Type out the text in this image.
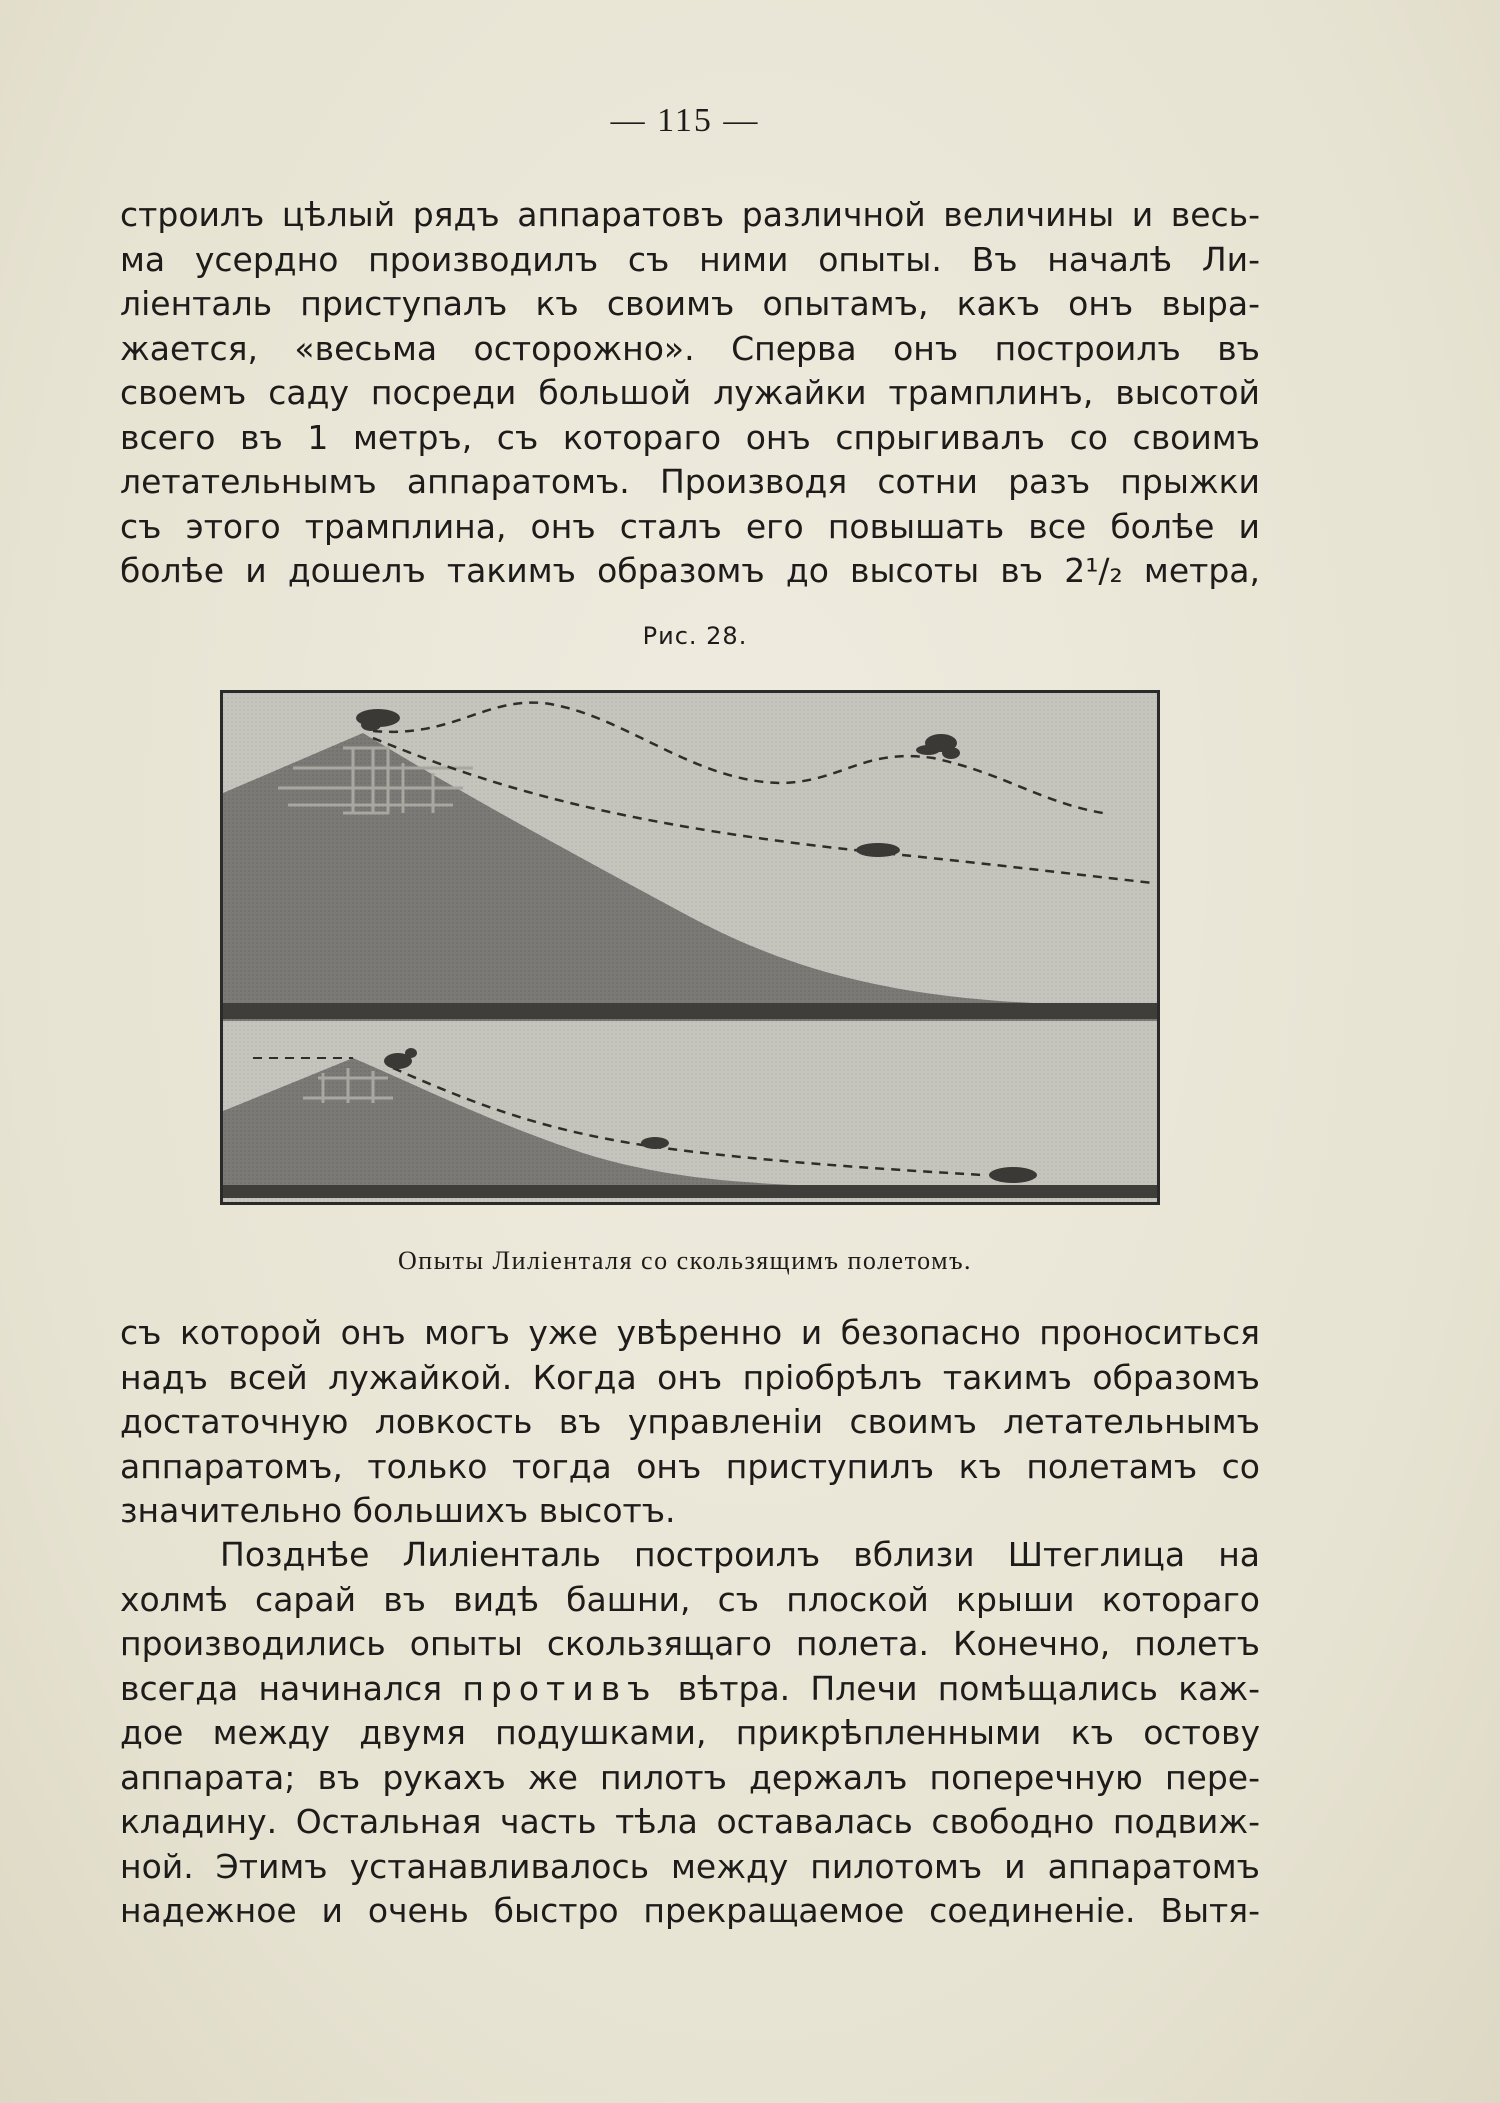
— 115 —
строилъ цѣлый рядъ аппаратовъ различной величины и весь-
ма усердно производилъ съ ними опыты. Въ началѣ Ли-
ліенталь приступалъ къ своимъ опытамъ, какъ онъ выра-
жается, «весьма осторожно». Сперва онъ построилъ въ
своемъ саду посреди большой лужайки трамплинъ, высотой
всего въ 1 метръ, съ котораго онъ спрыгивалъ со своимъ
летательнымъ аппаратомъ. Производя сотни разъ прыжки
съ этого трамплина, онъ сталъ его повышать все болѣе и
болѣе и дошелъ такимъ образомъ до высоты въ 2¹/₂ метра,
Рис. 28.
Опыты Лиліенталя со скользящимъ полетомъ.
съ которой онъ могъ уже увѣренно и безопасно проноситься
надъ всей лужайкой. Когда онъ пріобрѣлъ такимъ образомъ
достаточную ловкость въ управленіи своимъ летательнымъ
аппаратомъ, только тогда онъ приступилъ къ полетамъ со
значительно большихъ высотъ.
Позднѣе Лиліенталь построилъ вблизи Штеглица на
холмѣ сарай въ видѣ башни, съ плоской крыши котораго
производились опыты скользящаго полета. Конечно, полетъ
всегда начинался противъ вѣтра. Плечи помѣщались каж-
дое между двумя подушками, прикрѣпленными къ остову
аппарата; въ рукахъ же пилотъ держалъ поперечную пере-
кладину. Остальная часть тѣла оставалась свободно подвиж-
ной. Этимъ устанавливалось между пилотомъ и аппаратомъ
надежное и очень быстро прекращаемое соединеніе. Вытя-
